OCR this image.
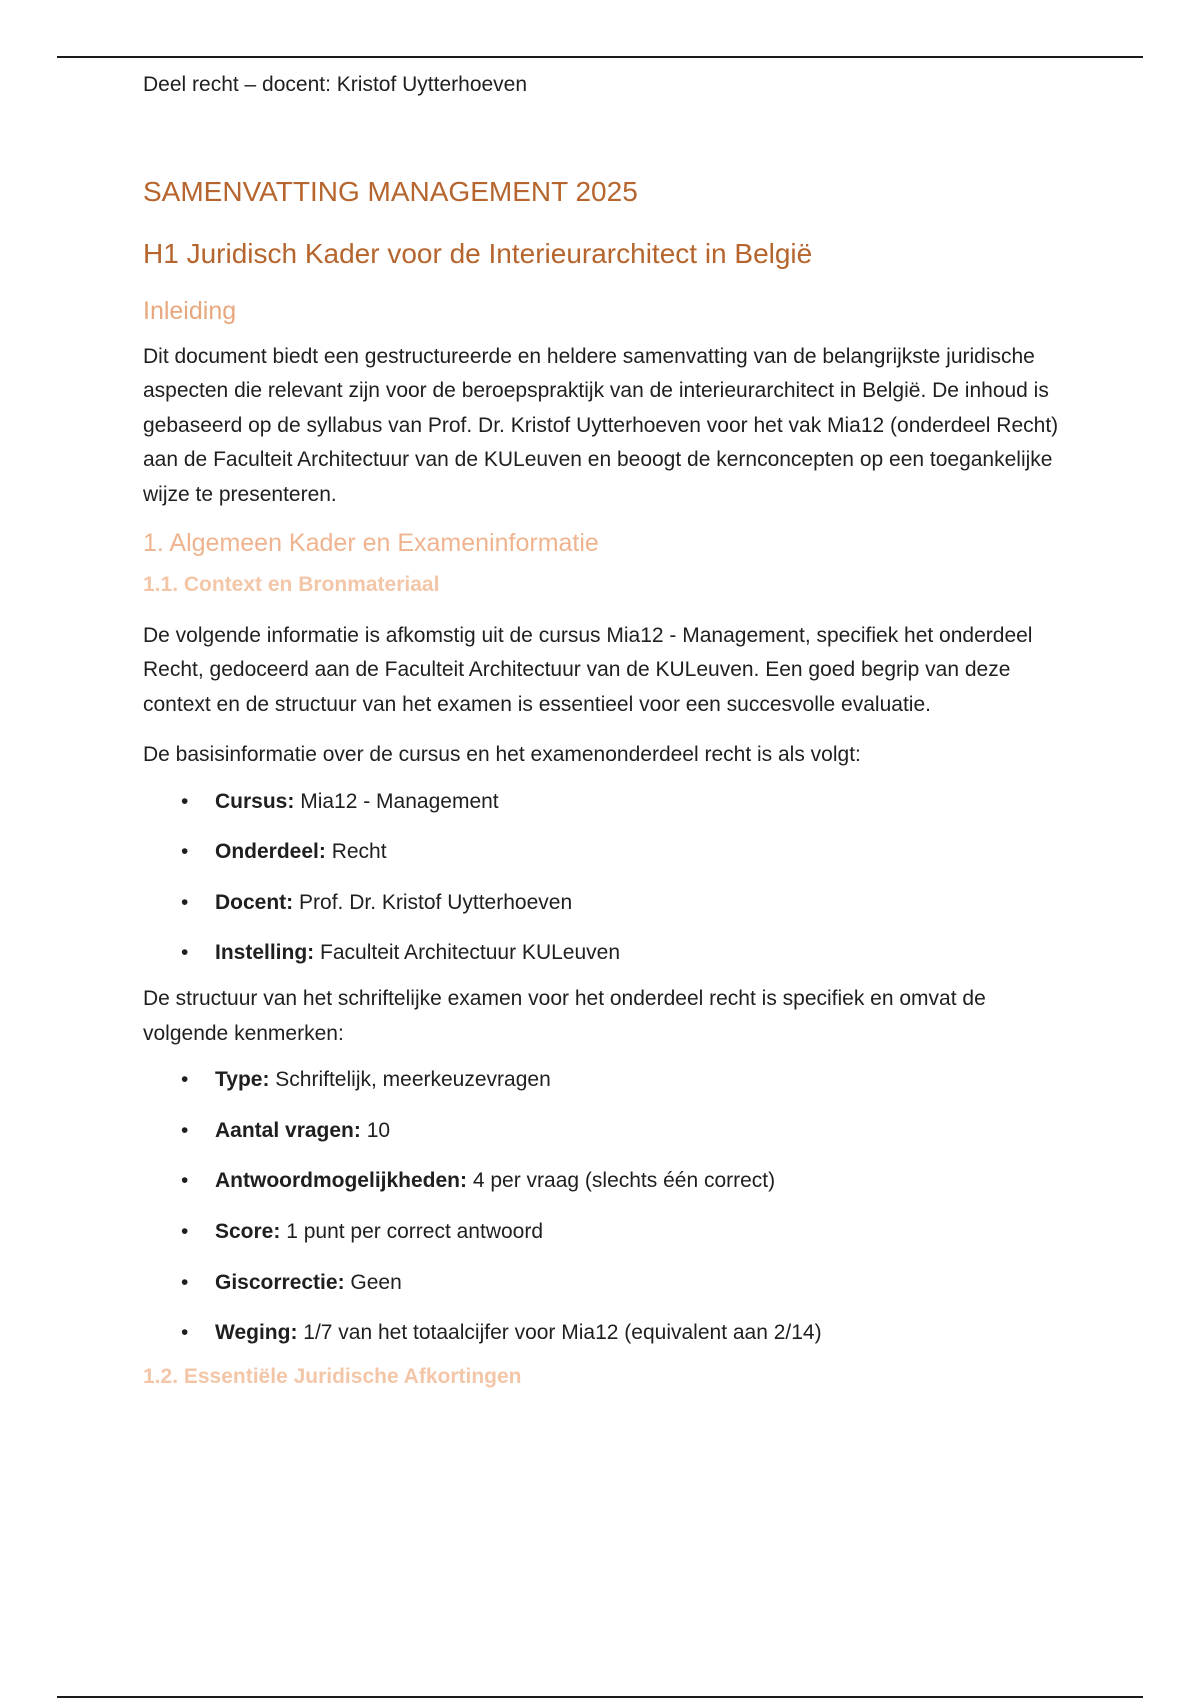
Deel recht – docent: Kristof Uytterhoeven

SAMENVATTING MANAGEMENT 2025
H1 Juridisch Kader voor de Interieurarchitect in België
Inleiding

Dit document biedt een gestructureerde en heldere samenvatting van de belangrijkste juridische aspecten die relevant zijn voor de beroepspraktijk van de interieurarchitect in België. De inhoud is gebaseerd op de syllabus van Prof. Dr. Kristof Uytterhoeven voor het vak Mia12 (onderdeel Recht) aan de Faculteit Architectuur van de KULeuven en beoogt de kernconcepten op een toegankelijke wijze te presenteren.

1. Algemeen Kader en Exameninformatie
1.1. Context en Bronmateriaal

De volgende informatie is afkomstig uit de cursus Mia12 - Management, specifiek het onderdeel Recht, gedoceerd aan de Faculteit Architectuur van de KULeuven. Een goed begrip van deze context en de structuur van het examen is essentieel voor een succesvolle evaluatie.

De basisinformatie over de cursus en het examenonderdeel recht is als volgt:

• Cursus: Mia12 - Management
• Onderdeel: Recht
• Docent: Prof. Dr. Kristof Uytterhoeven
• Instelling: Faculteit Architectuur KULeuven

De structuur van het schriftelijke examen voor het onderdeel recht is specifiek en omvat de volgende kenmerken:

• Type: Schriftelijk, meerkeuzevragen
• Aantal vragen: 10
• Antwoordmogelijkheden: 4 per vraag (slechts één correct)
• Score: 1 punt per correct antwoord
• Giscorrectie: Geen
• Weging: 1/7 van het totaalcijfer voor Mia12 (equivalent aan 2/14)
1.2. Essentiële Juridische Afkortingen
